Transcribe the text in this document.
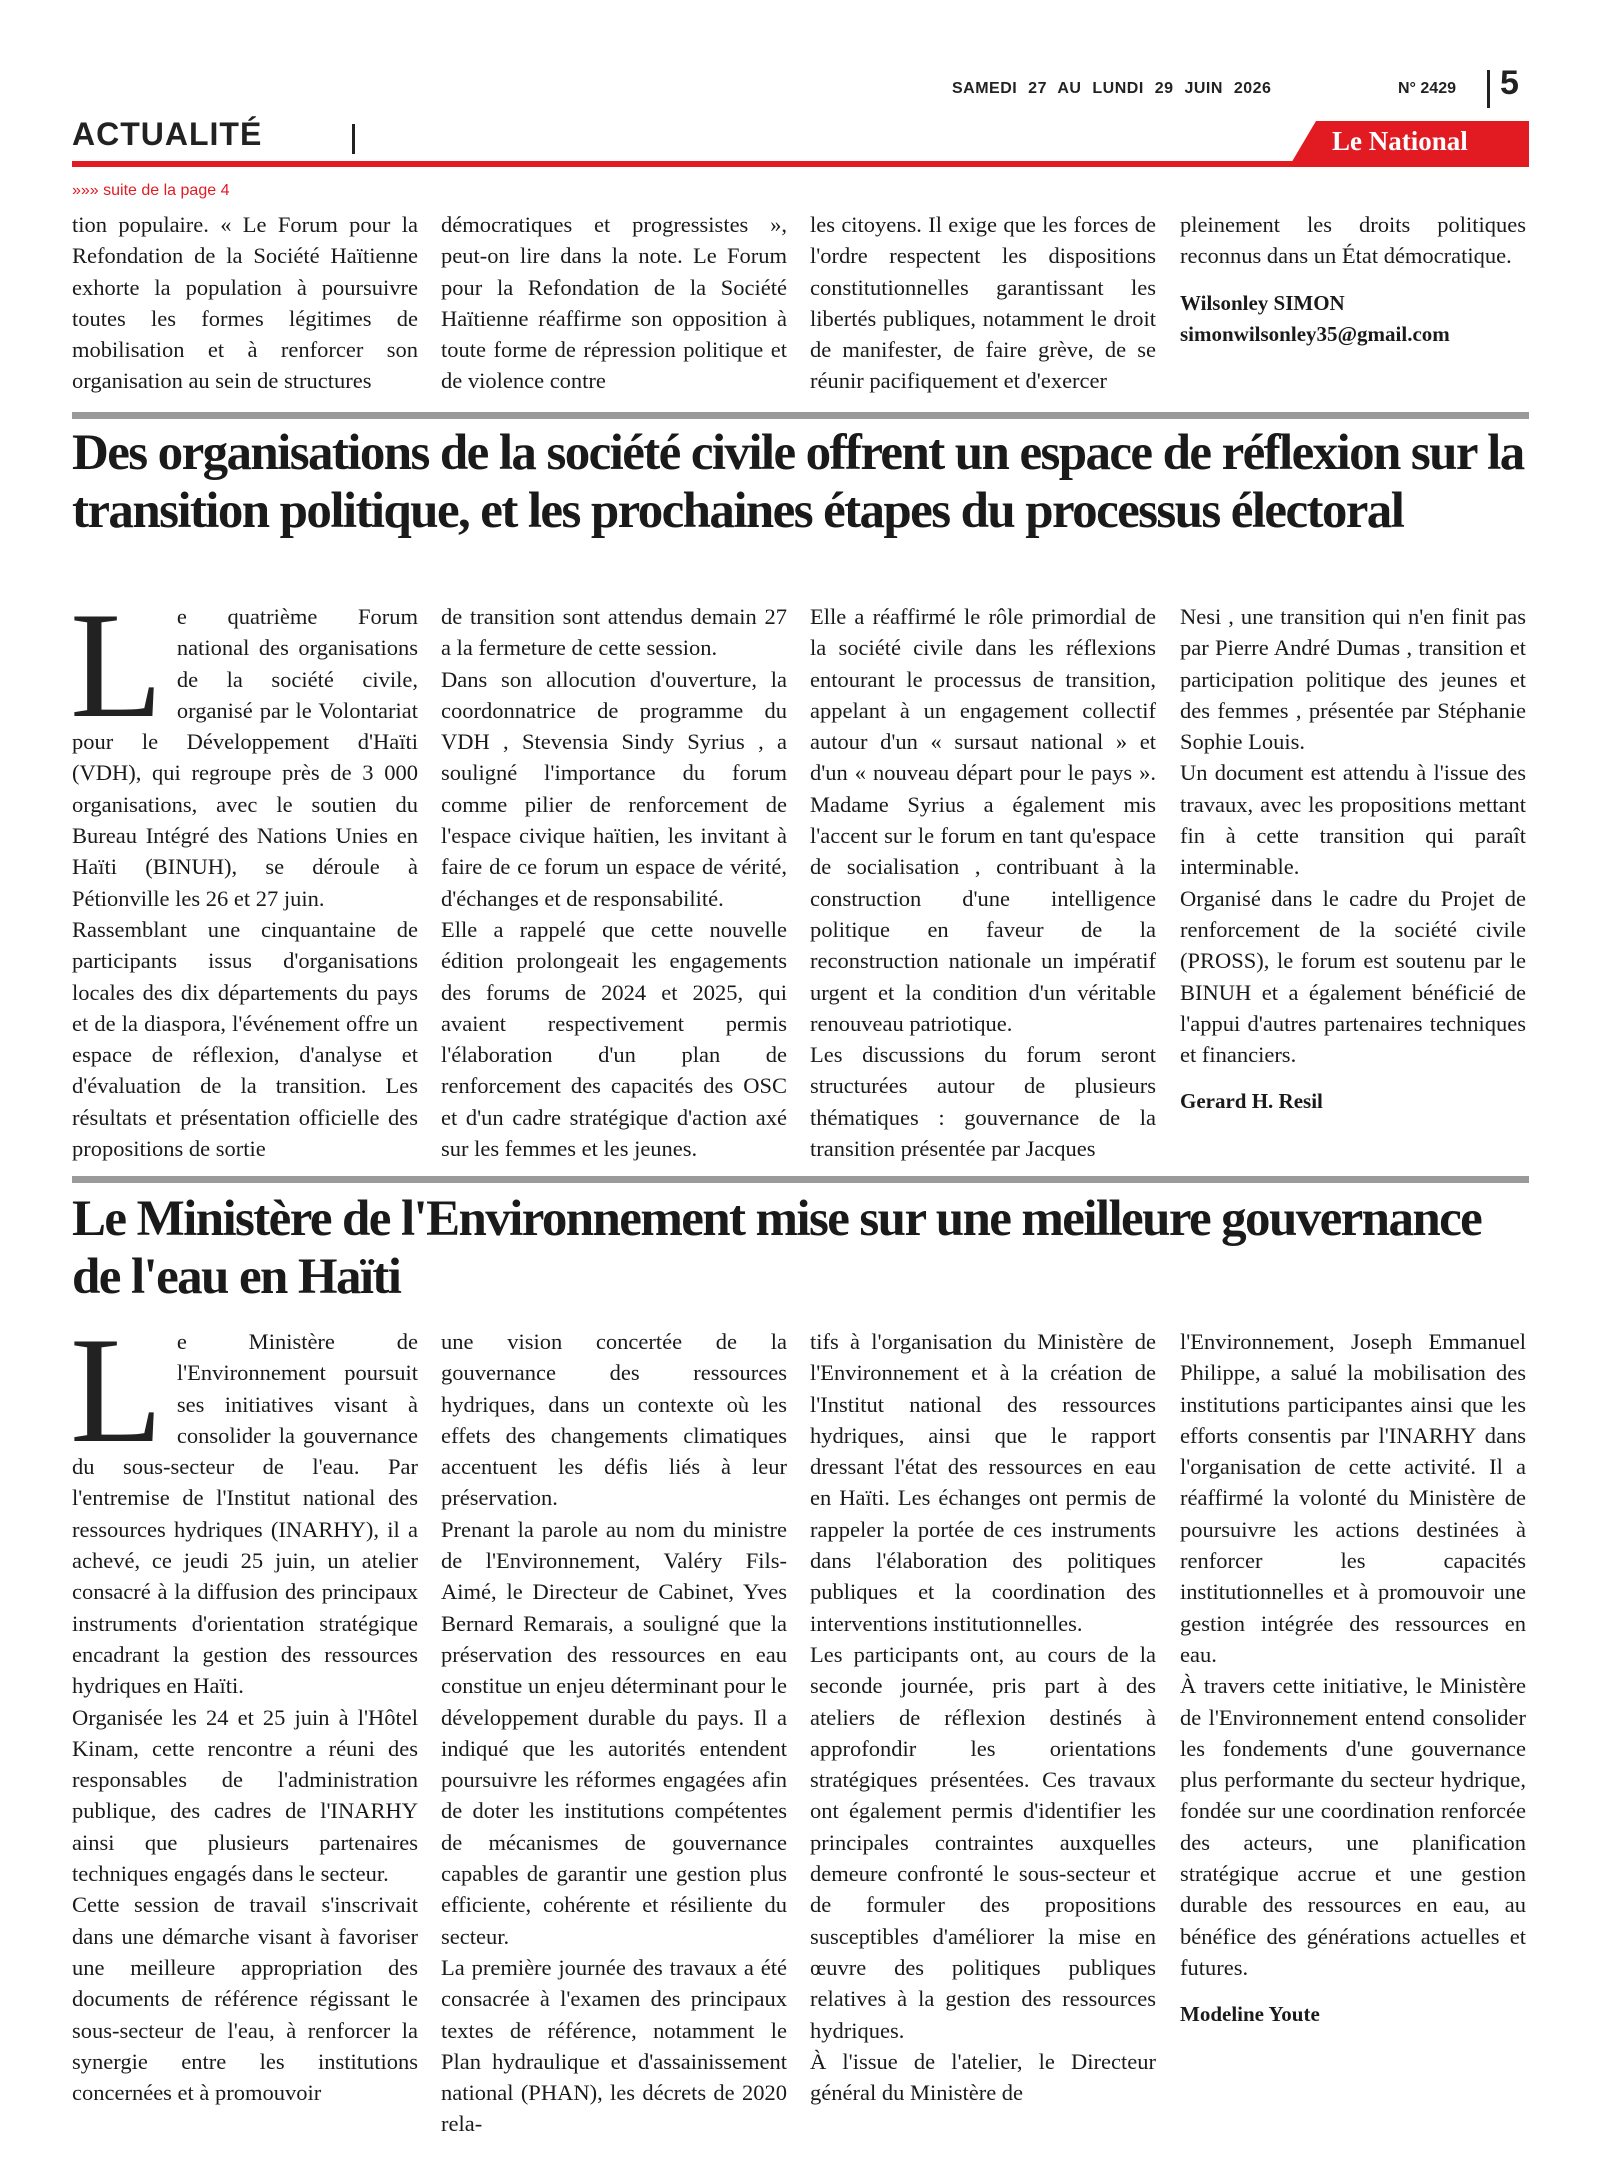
SAMEDI 27 AU LUNDI 29 JUIN 2026	N° 2429 5
ACTUALITÉ	Le National
»»» suite de la page 4

tion populaire. « Le Forum pour la Refondation de la Société Haïtienne exhorte la population à poursuivre toutes les formes légitimes de mobilisation et à renforcer son organisation au sein de structures

démocratiques et progressistes », peut-on lire dans la note. Le Forum pour la Refondation de la Société Haïtienne réaffirme son opposition à toute forme de répression politique et de violence contre

les citoyens. Il exige que les forces de l'ordre respectent les dispositions constitutionnelles garantissant les libertés publiques, notamment le droit de manifester, de faire grève, de se réunir pacifiquement et d'exercer

pleinement les droits politiques reconnus dans un État démocratique.

Wilsonley SIMON

simonwilsonley35@gmail.com

Des organisations de la société civile offrent un espace de réflexion sur la transition politique, et les prochaines étapes du processus électoral

Le quatrième Forum national des organisations de la société civile, organisé par le Volontariat pour le Développement d'Haïti (VDH), qui regroupe près de 3 000 organisations, avec le soutien du Bureau Intégré des Nations Unies en Haïti (BINUH), se déroule à Pétionville les 26 et 27 juin.

Rassemblant une cinquantaine de participants issus d'organisations locales des dix départements du pays et de la diaspora, l'événement offre un espace de réflexion, d'analyse et d'évaluation de la transition. Les résultats et présentation officielle des propositions de sortie

de transition sont attendus demain 27 a la fermeture de cette session.

Dans son allocution d'ouverture, la coordonnatrice de programme du VDH , Stevensia Sindy Syrius , a souligné l'importance du forum comme pilier de renforcement de l'espace civique haïtien, les invitant à faire de ce forum un espace de vérité, d'échanges et de responsabilité.

Elle a rappelé que cette nouvelle édition prolongeait les engagements des forums de 2024 et 2025, qui avaient respectivement permis l'élaboration d'un plan de renforcement des capacités des OSC et d'un cadre stratégique d'action axé sur les femmes et les jeunes.

Elle a réaffirmé le rôle primordial de la société civile dans les réflexions entourant le processus de transition, appelant à un engagement collectif autour d'un « sursaut national » et d'un « nouveau départ pour le pays ». Madame Syrius a également mis l'accent sur le forum en tant qu'espace de socialisation , contribuant à la construction d'une intelligence politique en faveur de la reconstruction nationale un impératif urgent et la condition d'un véritable renouveau patriotique.

Les discussions du forum seront structurées autour de plusieurs thématiques : gouvernance de la transition présentée par Jacques

Nesi , une transition qui n'en finit pas par Pierre André Dumas , transition et participation politique des jeunes et des femmes , présentée par Stéphanie Sophie Louis.

Un document est attendu à l'issue des travaux, avec les propositions mettant fin à cette transition qui paraît interminable.

Organisé dans le cadre du Projet de renforcement de la société civile (PROSS), le forum est soutenu par le BINUH et a également bénéficié de l'appui d'autres partenaires techniques et financiers.

Gerard H. Resil

Le Ministère de l'Environnement mise sur une meilleure gouvernance de l'eau en Haïti

Le Ministère de l'Environnement poursuit ses initiatives visant à consolider la gouvernance du sous-secteur de l'eau. Par l'entremise de l'Institut national des ressources hydriques (INARHY), il a achevé, ce jeudi 25 juin, un atelier consacré à la diffusion des principaux instruments d'orientation stratégique encadrant la gestion des ressources hydriques en Haïti.

Organisée les 24 et 25 juin à l'Hôtel Kinam, cette rencontre a réuni des responsables de l'administration publique, des cadres de l'INARHY ainsi que plusieurs partenaires techniques engagés dans le secteur.

Cette session de travail s'inscrivait dans une démarche visant à favoriser une meilleure appropriation des documents de référence régissant le sous-secteur de l'eau, à renforcer la synergie entre les institutions concernées et à promouvoir

une vision concertée de la gouvernance des ressources hydriques, dans un contexte où les effets des changements climatiques accentuent les défis liés à leur préservation.

Prenant la parole au nom du ministre de l'Environnement, Valéry Fils-Aimé, le Directeur de Cabinet, Yves Bernard Remarais, a souligné que la préservation des ressources en eau constitue un enjeu déterminant pour le développement durable du pays. Il a indiqué que les autorités entendent poursuivre les réformes engagées afin de doter les institutions compétentes de mécanismes de gouvernance capables de garantir une gestion plus efficiente, cohérente et résiliente du secteur.

La première journée des travaux a été consacrée à l'examen des principaux textes de référence, notamment le Plan hydraulique et d'assainissement national (PHAN), les décrets de 2020 rela-

tifs à l'organisation du Ministère de l'Environnement et à la création de l'Institut national des ressources hydriques, ainsi que le rapport dressant l'état des ressources en eau en Haïti. Les échanges ont permis de rappeler la portée de ces instruments dans l'élaboration des politiques publiques et la coordination des interventions institutionnelles.

Les participants ont, au cours de la seconde journée, pris part à des ateliers de réflexion destinés à approfondir les orientations stratégiques présentées. Ces travaux ont également permis d'identifier les principales contraintes auxquelles demeure confronté le sous-secteur et de formuler des propositions susceptibles d'améliorer la mise en œuvre des politiques publiques relatives à la gestion des ressources hydriques.

À l'issue de l'atelier, le Directeur général du Ministère de

l'Environnement, Joseph Emmanuel Philippe, a salué la mobilisation des institutions participantes ainsi que les efforts consentis par l'INARHY dans l'organisation de cette activité. Il a réaffirmé la volonté du Ministère de poursuivre les actions destinées à renforcer les capacités institutionnelles et à promouvoir une gestion intégrée des ressources en eau.

À travers cette initiative, le Ministère de l'Environnement entend consolider les fondements d'une gouvernance plus performante du secteur hydrique, fondée sur une coordination renforcée des acteurs, une planification stratégique accrue et une gestion durable des ressources en eau, au bénéfice des générations actuelles et futures.

Modeline Youte
